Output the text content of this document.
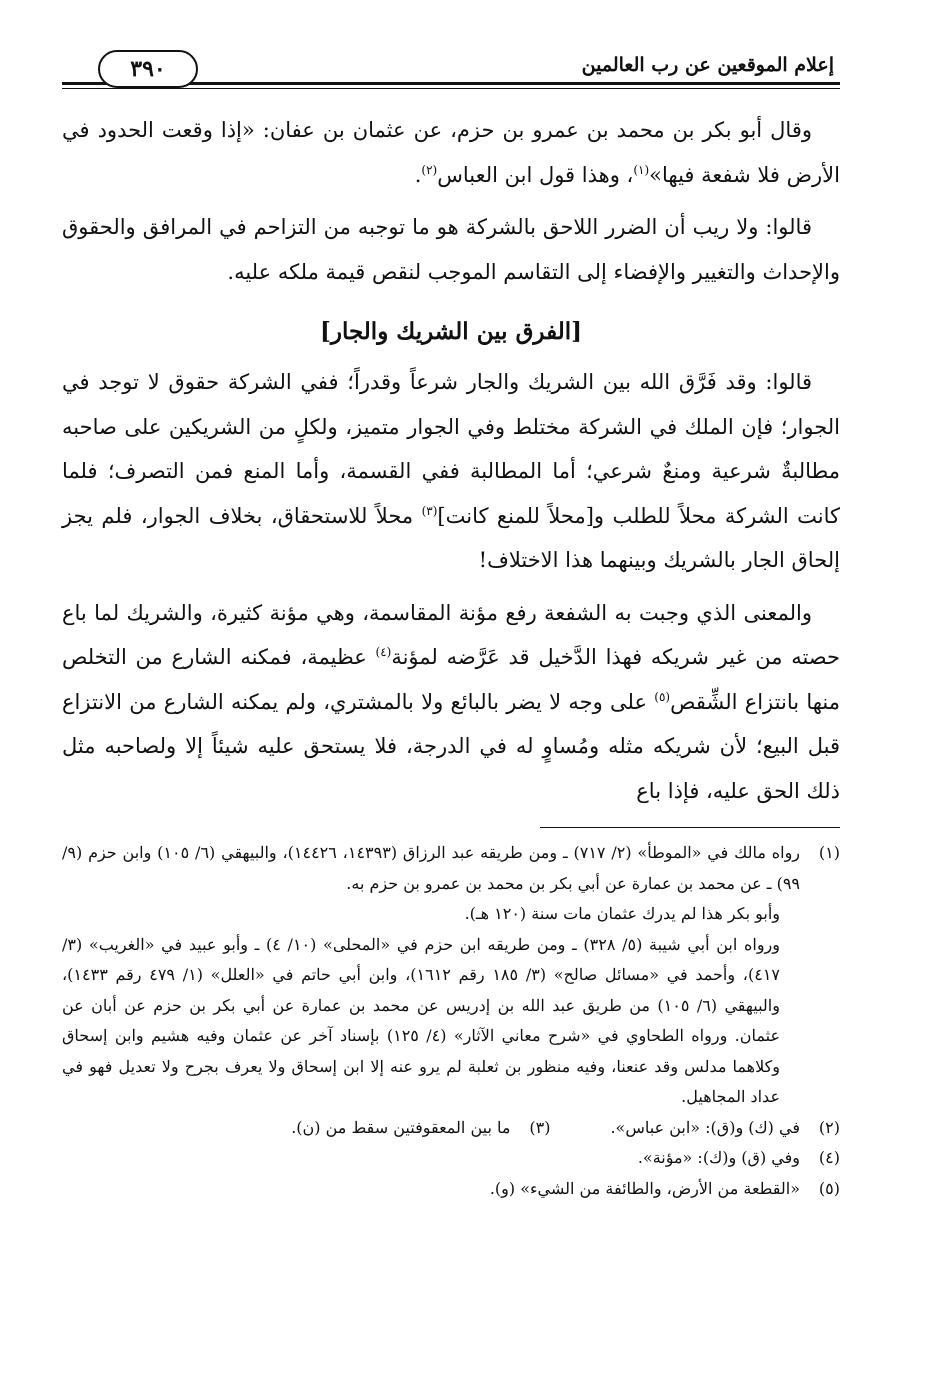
إعلام الموقعين عن رب العالمين
٣٩٠

وقال أبو بكر بن محمد بن عمرو بن حزم، عن عثمان بن عفان: «إذا وقعت الحدود في الأرض فلا شفعة فيها»$^{(١)}$، وهذا قول ابن العباس$^{(٢)}$.

قالوا: ولا ريب أن الضرر اللاحق بالشركة هو ما توجبه من التزاحم في المرافق والحقوق والإحداث والتغيير والإفضاء إلى التقاسم الموجب لنقص قيمة ملكه عليه.

[الفرق بين الشريك والجار]

قالوا: وقد فَرَّق الله بين الشريك والجار شرعاً وقدراً؛ ففي الشركة حقوق لا توجد في الجوار؛ فإن الملك في الشركة مختلط وفي الجوار متميز، ولكلٍ من الشريكين على صاحبه مطالبةٌ شرعية ومنعٌ شرعي؛ أما المطالبة ففي القسمة، وأما المنع فمن التصرف؛ فلما كانت الشركة محلاً للطلب و[محلاً للمنع كانت]$^{(٣)}$ محلاً للاستحقاق، بخلاف الجوار، فلم يجز إلحاق الجار بالشريك وبينهما هذا الاختلاف!

والمعنى الذي وجبت به الشفعة رفع مؤنة المقاسمة، وهي مؤنة كثيرة، والشريك لما باع حصته من غير شريكه فهذا الدَّخيل قد عَرَّضه لمؤنة$^{(٤)}$ عظيمة، فمكنه الشارع من التخلص منها بانتزاع الشِّقص$^{(٥)}$ على وجه لا يضر بالبائع ولا بالمشتري، ولم يمكنه الشارع من الانتزاع قبل البيع؛ لأن شريكه مثله ومُساوٍ له في الدرجة، فلا يستحق عليه شيئاً إلا ولصاحبه مثل ذلك الحق عليه، فإذا باع

(١)
رواه مالك في «الموطأ» (٢/ ٧١٧) ـ ومن طريقه عبد الرزاق (١٤٣٩٣، ١٤٤٢٦)، والبيهقي (٦/ ١٠٥) وابن حزم (٩/ ٩٩) ـ عن محمد بن عمارة عن أبي بكر بن محمد بن عمرو بن حزم به.
وأبو بكر هذا لم يدرك عثمان مات سنة (١٢٠ هـ).
ورواه ابن أبي شيبة (٥/ ٣٢٨) ـ ومن طريقه ابن حزم في «المحلى» (١٠/ ٤) ـ وأبو عبيد في «الغريب» (٣/ ٤١٧)، وأحمد في «مسائل صالح» (٣/ ١٨٥ رقم ١٦١٢)، وابن أبي حاتم في «العلل» (١/ ٤٧٩ رقم ١٤٣٣)، والبيهقي (٦/ ١٠٥) من طريق عبد الله بن إدريس عن محمد بن عمارة عن أبي بكر بن حزم عن أبان عن عثمان. ورواه الطحاوي في «شرح معاني الآثار» (٤/ ١٢٥) بإسناد آخر عن عثمان وفيه هشيم وابن إسحاق وكلاهما مدلس وقد عنعنا، وفيه منظور بن ثعلبة لم يرو عنه إلا ابن إسحاق ولا يعرف بجرح ولا تعديل فهو في عداد المجاهيل.
(٢)
في (ك) و(ق): «ابن عباس».
(٣)
ما بين المعقوفتين سقط من (ن).
(٤)
وفي (ق) و(ك): «مؤنة».
(٥)
«القطعة من الأرض، والطائفة من الشيء» (و).
